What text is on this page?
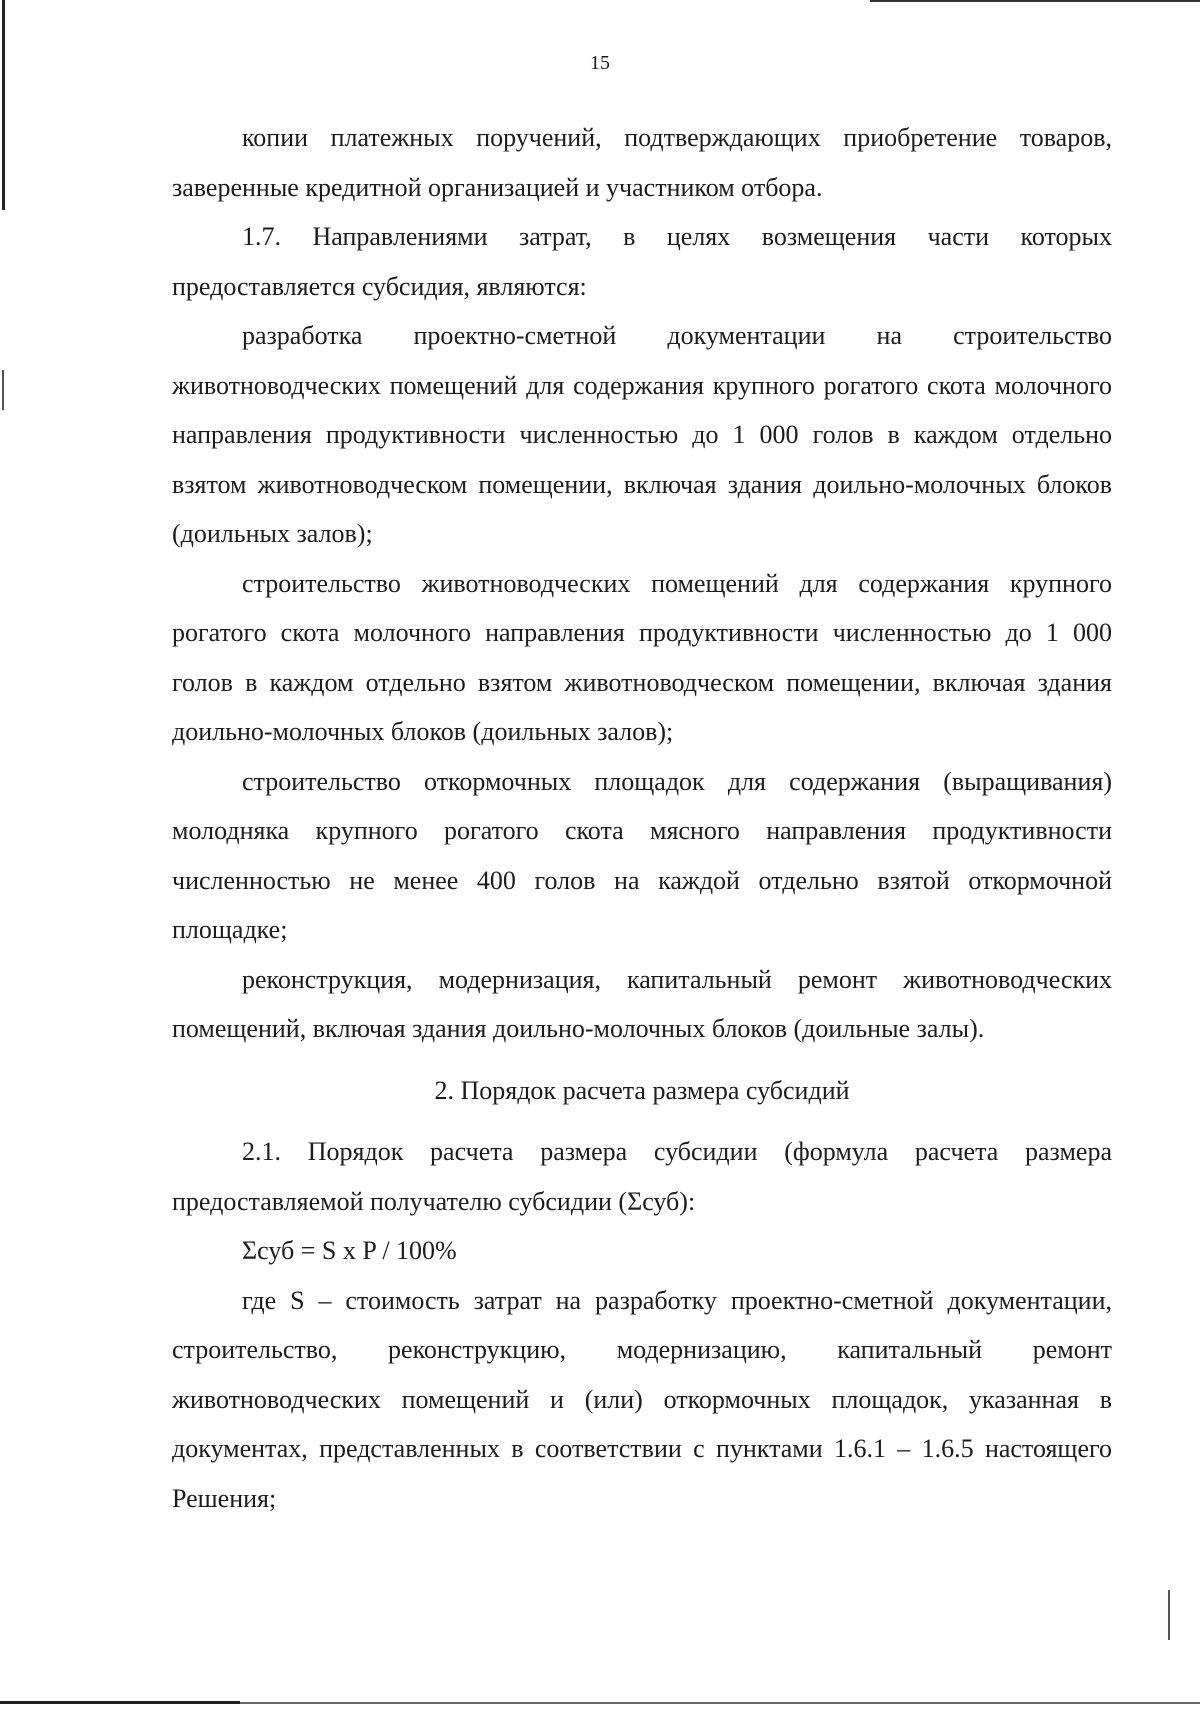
15

копии платежных поручений, подтверждающих приобретение товаров, заверенные кредитной организацией и участником отбора.

1.7. Направлениями затрат, в целях возмещения части которых предоставляется субсидия, являются:

разработка проектно-сметной документации на строительство животноводческих помещений для содержания крупного рогатого скота молочного направления продуктивности численностью до 1 000 голов в каждом отдельно взятом животноводческом помещении, включая здания доильно-молочных блоков (доильных залов);

строительство животноводческих помещений для содержания крупного рогатого скота молочного направления продуктивности численностью до 1 000 голов в каждом отдельно взятом животноводческом помещении, включая здания доильно-молочных блоков (доильных залов);

строительство откормочных площадок для содержания (выращивания) молодняка крупного рогатого скота мясного направления продуктивности численностью не менее 400 голов на каждой отдельно взятой откормочной площадке;

реконструкция, модернизация, капитальный ремонт животноводческих помещений, включая здания доильно-молочных блоков (доильные залы).

2. Порядок расчета размера субсидий

2.1. Порядок расчета размера субсидии (формула расчета размера предоставляемой получателю субсидии (Σсуб):

Σсуб = S x P / 100%

где S – стоимость затрат на разработку проектно-сметной документации, строительство, реконструкцию, модернизацию, капитальный ремонт животноводческих помещений и (или) откормочных площадок, указанная в документах, представленных в соответствии с пунктами 1.6.1 – 1.6.5 настоящего Решения;
